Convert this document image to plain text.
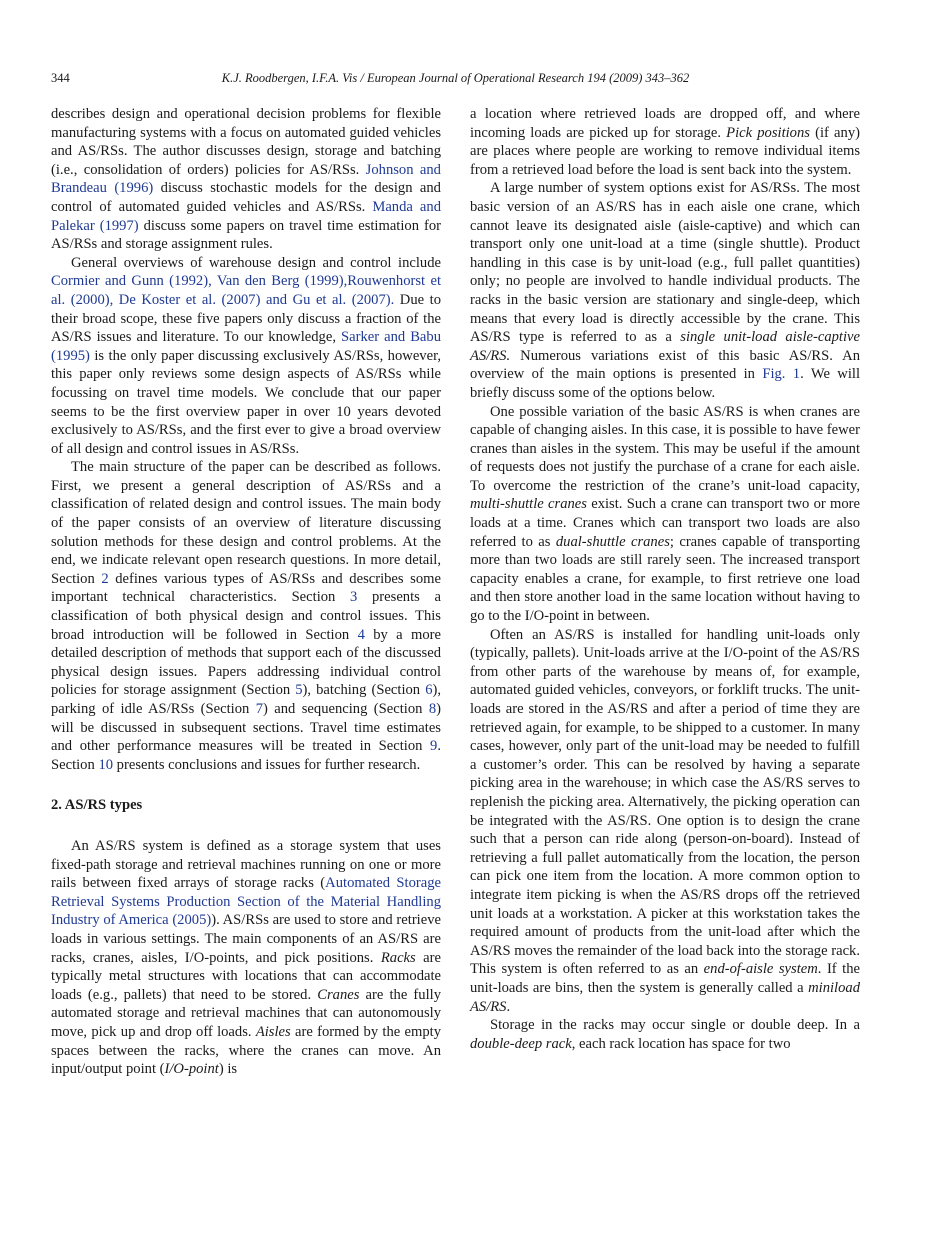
344	K.J. Roodbergen, I.F.A. Vis / European Journal of Operational Research 194 (2009) 343–362

describes design and operational decision problems for flexible manufacturing systems with a focus on automated guided vehicles and AS/RSs. The author discusses design, storage and batching (i.e., consolidation of orders) policies for AS/RSs. Johnson and Brandeau (1996) discuss stochastic models for the design and control of automated guided vehicles and AS/RSs. Manda and Palekar (1997) discuss some papers on travel time estimation for AS/RSs and storage assignment rules.

General overviews of warehouse design and control include Cormier and Gunn (1992), Van den Berg (1999),Rouwenhorst et al. (2000), De Koster et al. (2007) and Gu et al. (2007). Due to their broad scope, these five papers only discuss a fraction of the AS/RS issues and literature. To our knowledge, Sarker and Babu (1995) is the only paper discussing exclusively AS/RSs, however, this paper only reviews some design aspects of AS/RSs while focussing on travel time models. We conclude that our paper seems to be the first overview paper in over 10 years devoted exclusively to AS/RSs, and the first ever to give a broad overview of all design and control issues in AS/RSs.

The main structure of the paper can be described as follows. First, we present a general description of AS/RSs and a classification of related design and control issues. The main body of the paper consists of an overview of literature discussing solution methods for these design and control problems. At the end, we indicate relevant open research questions. In more detail, Section 2 defines various types of AS/RSs and describes some important technical characteristics. Section 3 presents a classification of both physical design and control issues. This broad introduction will be followed in Section 4 by a more detailed description of methods that support each of the discussed physical design issues. Papers addressing individual control policies for storage assignment (Section 5), batching (Section 6), parking of idle AS/RSs (Section 7) and sequencing (Section 8) will be discussed in subsequent sections. Travel time estimates and other performance measures will be treated in Section 9. Section 10 presents conclusions and issues for further research.

2. AS/RS types

An AS/RS system is defined as a storage system that uses fixed-path storage and retrieval machines running on one or more rails between fixed arrays of storage racks (Automated Storage Retrieval Systems Production Section of the Material Handling Industry of America (2005)). AS/RSs are used to store and retrieve loads in various settings. The main components of an AS/RS are racks, cranes, aisles, I/O-points, and pick positions. Racks are typically metal structures with locations that can accommodate loads (e.g., pallets) that need to be stored. Cranes are the fully automated storage and retrieval machines that can autonomously move, pick up and drop off loads. Aisles are formed by the empty spaces between the racks, where the cranes can move. An input/output point (I/O-point) is

a location where retrieved loads are dropped off, and where incoming loads are picked up for storage. Pick positions (if any) are places where people are working to remove individual items from a retrieved load before the load is sent back into the system.

A large number of system options exist for AS/RSs. The most basic version of an AS/RS has in each aisle one crane, which cannot leave its designated aisle (aisle-captive) and which can transport only one unit-load at a time (single shuttle). Product handling in this case is by unit-load (e.g., full pallet quantities) only; no people are involved to handle individual products. The racks in the basic version are stationary and single-deep, which means that every load is directly accessible by the crane. This AS/RS type is referred to as a single unit-load aisle-captive AS/RS. Numerous variations exist of this basic AS/RS. An overview of the main options is presented in Fig. 1. We will briefly discuss some of the options below.

One possible variation of the basic AS/RS is when cranes are capable of changing aisles. In this case, it is possible to have fewer cranes than aisles in the system. This may be useful if the amount of requests does not justify the purchase of a crane for each aisle. To overcome the restriction of the crane’s unit-load capacity, multi-shuttle cranes exist. Such a crane can transport two or more loads at a time. Cranes which can transport two loads are also referred to as dual-shuttle cranes; cranes capable of transporting more than two loads are still rarely seen. The increased transport capacity enables a crane, for example, to first retrieve one load and then store another load in the same location without having to go to the I/O-point in between.

Often an AS/RS is installed for handling unit-loads only (typically, pallets). Unit-loads arrive at the I/O-point of the AS/RS from other parts of the warehouse by means of, for example, automated guided vehicles, conveyors, or forklift trucks. The unit-loads are stored in the AS/RS and after a period of time they are retrieved again, for example, to be shipped to a customer. In many cases, however, only part of the unit-load may be needed to fulfill a customer’s order. This can be resolved by having a separate picking area in the warehouse; in which case the AS/RS serves to replenish the picking area. Alternatively, the picking operation can be integrated with the AS/RS. One option is to design the crane such that a person can ride along (person-on-board). Instead of retrieving a full pallet automatically from the location, the person can pick one item from the location. A more common option to integrate item picking is when the AS/RS drops off the retrieved unit loads at a workstation. A picker at this workstation takes the required amount of products from the unit-load after which the AS/RS moves the remainder of the load back into the storage rack. This system is often referred to as an end-of-aisle system. If the unit-loads are bins, then the system is generally called a miniload AS/RS.

Storage in the racks may occur single or double deep. In a double-deep rack, each rack location has space for two
